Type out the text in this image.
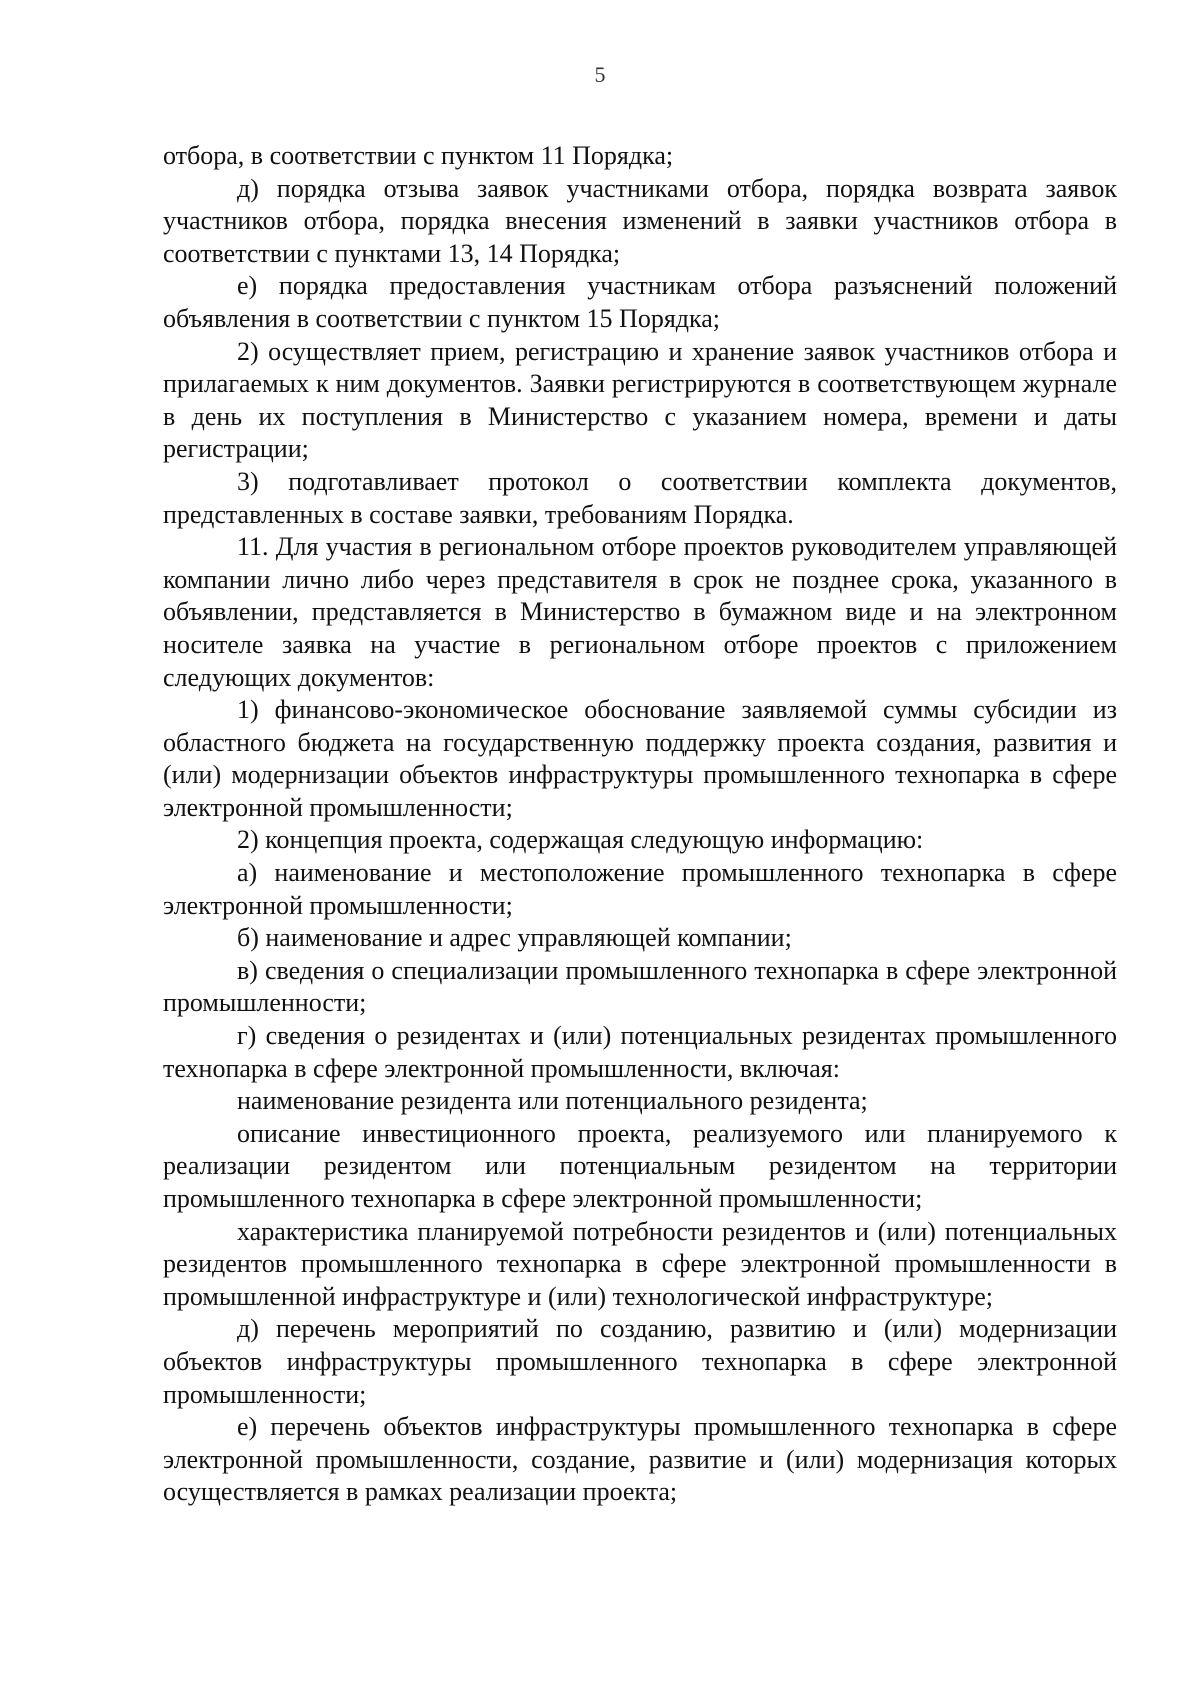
5

отбора, в соответствии с пунктом 11 Порядка;

д) порядка отзыва заявок участниками отбора, порядка возврата заявок участников отбора, порядка внесения изменений в заявки участников отбора в соответствии с пунктами 13, 14 Порядка;

е) порядка предоставления участникам отбора разъяснений положений объявления в соответствии с пунктом 15 Порядка;

2) осуществляет прием, регистрацию и хранение заявок участников отбора и прилагаемых к ним документов. Заявки регистрируются в соответствующем журнале в день их поступления в Министерство с указанием номера, времени и даты регистрации;

3) подготавливает протокол о соответствии комплекта документов, представленных в составе заявки, требованиям Порядка.

11. Для участия в региональном отборе проектов руководителем управляющей компании лично либо через представителя в срок не позднее срока, указанного в объявлении, представляется в Министерство в бумажном виде и на электронном носителе заявка на участие в региональном отборе проектов с приложением следующих документов:

1) финансово-экономическое обоснование заявляемой суммы субсидии из областного бюджета на государственную поддержку проекта создания, развития и (или) модернизации объектов инфраструктуры промышленного технопарка в сфере электронной промышленности;

2) концепция проекта, содержащая следующую информацию:

а) наименование и местоположение промышленного технопарка в сфере электронной промышленности;

б) наименование и адрес управляющей компании;

в) сведения о специализации промышленного технопарка в сфере электронной промышленности;

г) сведения о резидентах и (или) потенциальных резидентах промышленного технопарка в сфере электронной промышленности, включая:

наименование резидента или потенциального резидента;

описание инвестиционного проекта, реализуемого или планируемого к реализации резидентом или потенциальным резидентом на территории промышленного технопарка в сфере электронной промышленности;

характеристика планируемой потребности резидентов и (или) потенциальных резидентов промышленного технопарка в сфере электронной промышленности в промышленной инфраструктуре и (или) технологической инфраструктуре;

д) перечень мероприятий по созданию, развитию и (или) модернизации объектов инфраструктуры промышленного технопарка в сфере электронной промышленности;

е) перечень объектов инфраструктуры промышленного технопарка в сфере электронной промышленности, создание, развитие и (или) модернизация которых осуществляется в рамках реализации проекта;
